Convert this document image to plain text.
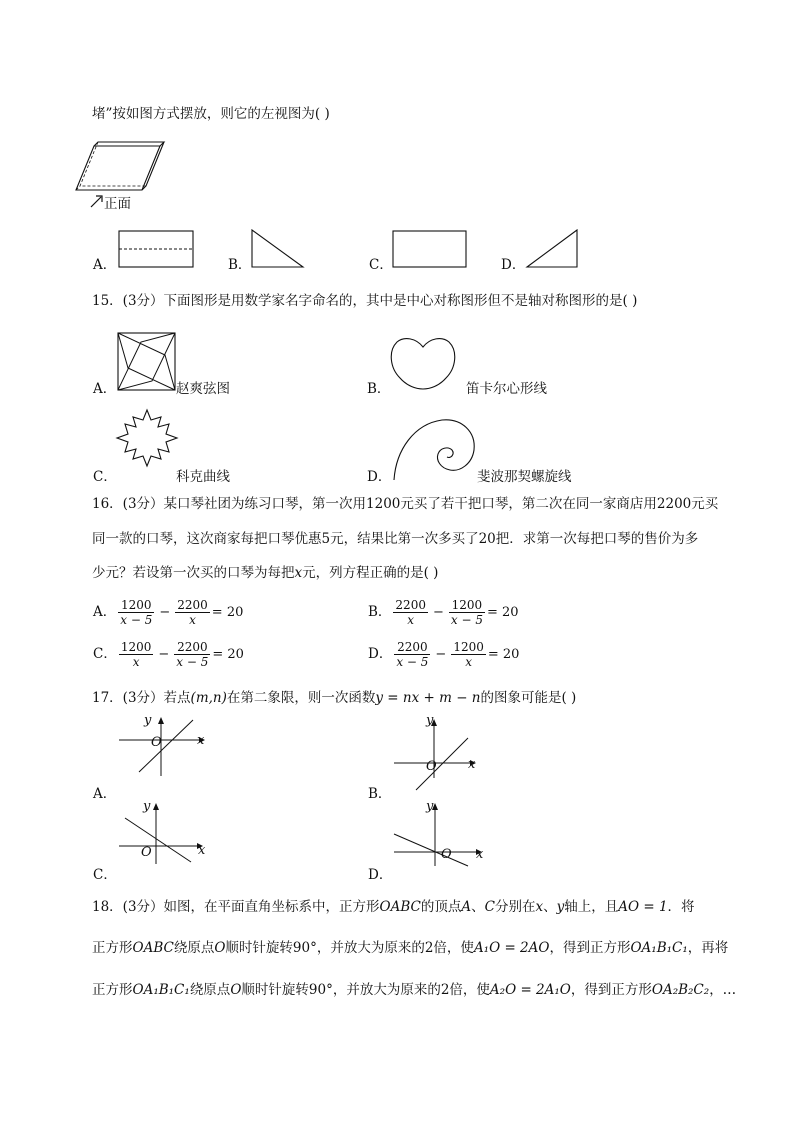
堵”按如图方式摆放，则它的左视图为( )
正面
A．	B．	C．	D．
15．(3分）下面图形是用数学家名字命名的，其中是中心对称图形但不是轴对称图形的是( )
A．	赵爽弦图	B．	笛卡尔心形线
C．	科克曲线	D．	斐波那契螺旋线
16．(3分）某口琴社团为练习口琴，第一次用1200元买了若干把口琴，第二次在同一家商店用2200元买
同一款的口琴，这次商家每把口琴优惠5元，结果比第一次多买了20把．求第一次每把口琴的售价为多
少元？若设第一次买的口琴为每把x元，列方程正确的是( )
A． $\frac{1200}{x - 5} - \frac{2200}{x} = 20$	B． $\frac{2200}{x} - \frac{1200}{x - 5} = 20$
C． $\frac{1200}{x} - \frac{2200}{x - 5} = 20$	D． $\frac{2200}{x - 5} - \frac{1200}{x} = 20$
17．(3分）若点(m,n)在第二象限，则一次函数y = nx + m − n的图象可能是( )
A．
y
x
O
B．
y
x
O
C．
y
x
O
D．
y
x
O
18．(3分）如图，在平面直角坐标系中，正方形OABC的顶点A、C分别在x、y轴上，且AO = 1．将
正方形OABC绕原点O顺时针旋转90°，并放大为原来的2倍，使A₁O = 2AO，得到正方形OA₁B₁C₁，再将
正方形OA₁B₁C₁绕原点O顺时针旋转90°，并放大为原来的2倍，使A₂O = 2A₁O，得到正方形OA₂B₂C₂，…
